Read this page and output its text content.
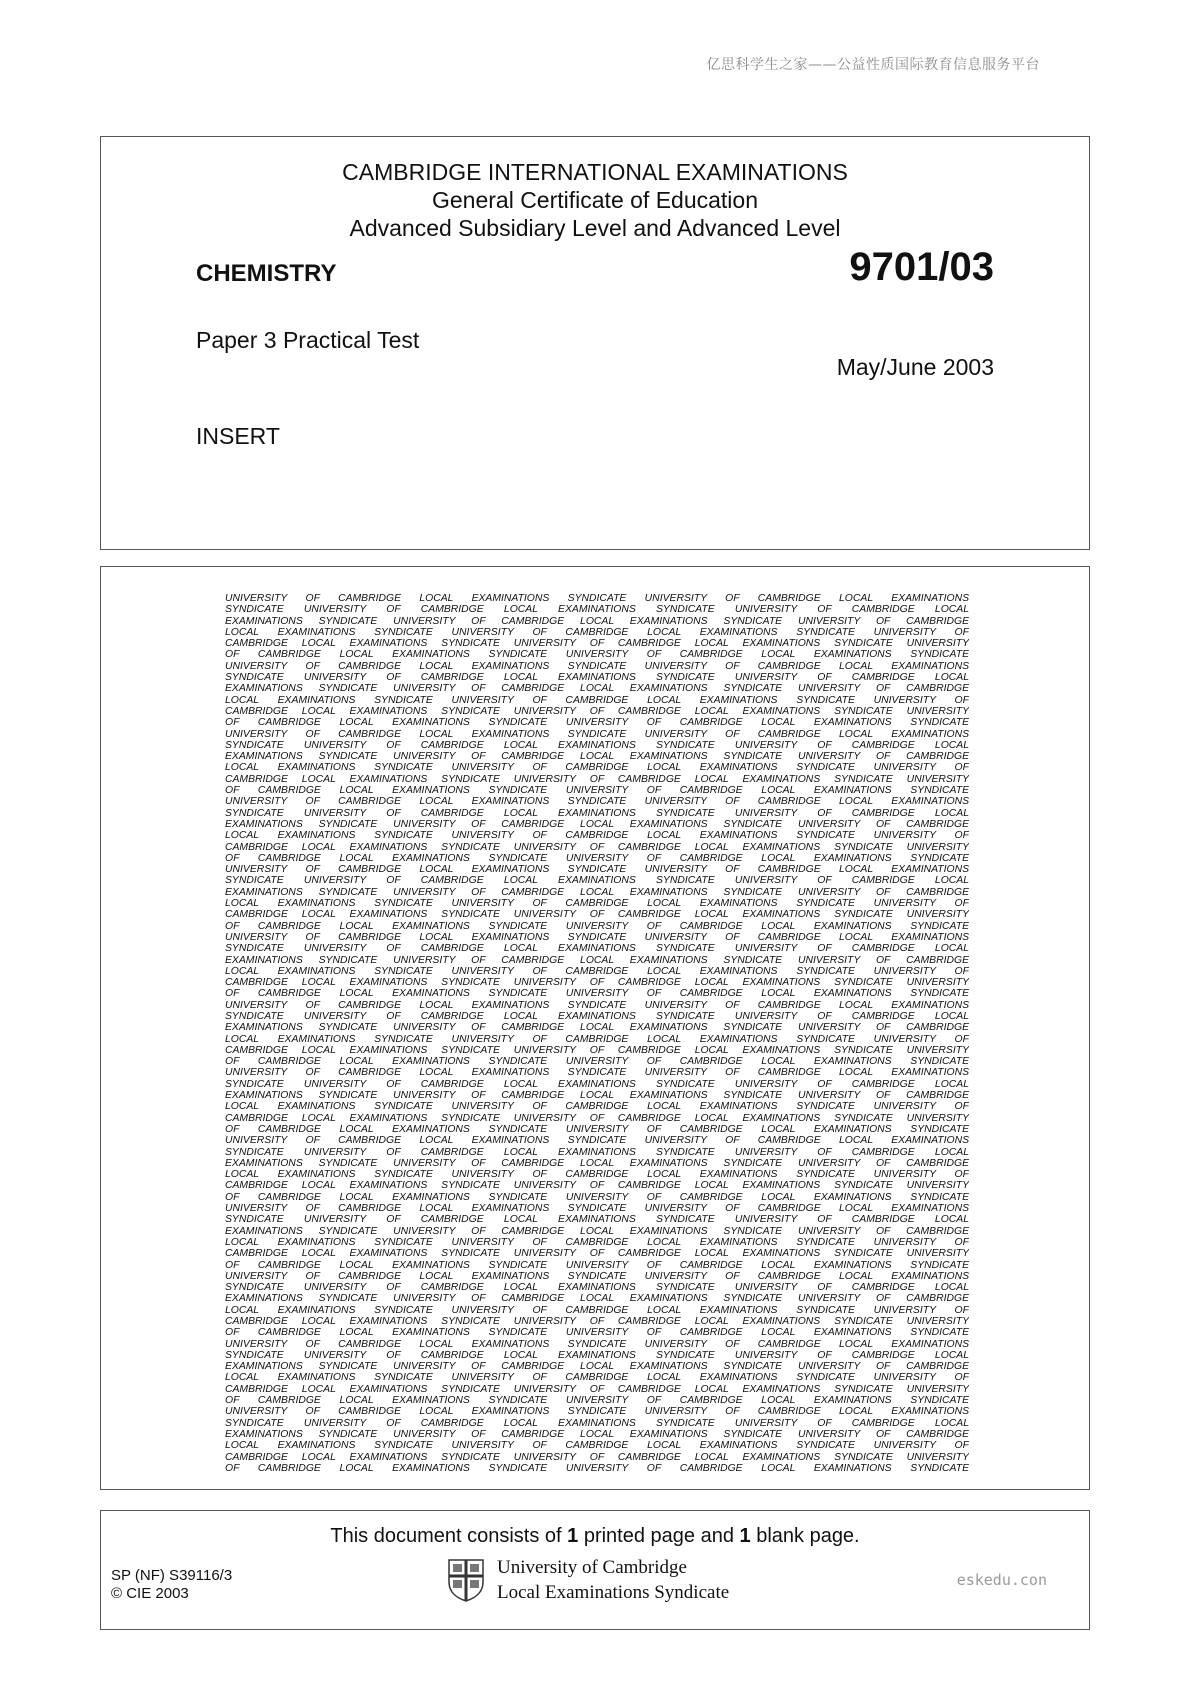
亿思科学生之家——公益性质国际教育信息服务平台
CAMBRIDGE INTERNATIONAL EXAMINATIONS
General Certificate of Education
Advanced Subsidiary Level and Advanced Level
CHEMISTRY	9701/03
Paper 3 Practical Test
May/June 2003
INSERT
UNIVERSITY OF CAMBRIDGE LOCAL EXAMINATIONS SYNDICATE UNIVERSITY OF CAMBRIDGE LOCAL EXAMINATIONS
SYNDICATE UNIVERSITY OF CAMBRIDGE LOCAL EXAMINATIONS SYNDICATE UNIVERSITY OF CAMBRIDGE LOCAL
EXAMINATIONS SYNDICATE UNIVERSITY OF CAMBRIDGE LOCAL EXAMINATIONS SYNDICATE UNIVERSITY OF CAMBRIDGE
LOCAL EXAMINATIONS SYNDICATE UNIVERSITY OF CAMBRIDGE LOCAL EXAMINATIONS SYNDICATE UNIVERSITY OF
CAMBRIDGE LOCAL EXAMINATIONS SYNDICATE UNIVERSITY OF CAMBRIDGE LOCAL EXAMINATIONS SYNDICATE UNIVERSITY
OF CAMBRIDGE LOCAL EXAMINATIONS SYNDICATE UNIVERSITY OF CAMBRIDGE LOCAL EXAMINATIONS SYNDICATE
UNIVERSITY OF CAMBRIDGE LOCAL EXAMINATIONS SYNDICATE UNIVERSITY OF CAMBRIDGE LOCAL EXAMINATIONS
SYNDICATE UNIVERSITY OF CAMBRIDGE LOCAL EXAMINATIONS SYNDICATE UNIVERSITY OF CAMBRIDGE LOCAL
EXAMINATIONS SYNDICATE UNIVERSITY OF CAMBRIDGE LOCAL EXAMINATIONS SYNDICATE UNIVERSITY OF CAMBRIDGE
LOCAL EXAMINATIONS SYNDICATE UNIVERSITY OF CAMBRIDGE LOCAL EXAMINATIONS SYNDICATE UNIVERSITY OF
CAMBRIDGE LOCAL EXAMINATIONS SYNDICATE UNIVERSITY OF CAMBRIDGE LOCAL EXAMINATIONS SYNDICATE UNIVERSITY
OF CAMBRIDGE LOCAL EXAMINATIONS SYNDICATE UNIVERSITY OF CAMBRIDGE LOCAL EXAMINATIONS SYNDICATE
UNIVERSITY OF CAMBRIDGE LOCAL EXAMINATIONS SYNDICATE UNIVERSITY OF CAMBRIDGE LOCAL EXAMINATIONS
SYNDICATE UNIVERSITY OF CAMBRIDGE LOCAL EXAMINATIONS SYNDICATE UNIVERSITY OF CAMBRIDGE LOCAL
EXAMINATIONS SYNDICATE UNIVERSITY OF CAMBRIDGE LOCAL EXAMINATIONS SYNDICATE UNIVERSITY OF CAMBRIDGE
LOCAL EXAMINATIONS SYNDICATE UNIVERSITY OF CAMBRIDGE LOCAL EXAMINATIONS SYNDICATE UNIVERSITY OF
CAMBRIDGE LOCAL EXAMINATIONS SYNDICATE UNIVERSITY OF CAMBRIDGE LOCAL EXAMINATIONS SYNDICATE UNIVERSITY
OF CAMBRIDGE LOCAL EXAMINATIONS SYNDICATE UNIVERSITY OF CAMBRIDGE LOCAL EXAMINATIONS SYNDICATE
UNIVERSITY OF CAMBRIDGE LOCAL EXAMINATIONS SYNDICATE UNIVERSITY OF CAMBRIDGE LOCAL EXAMINATIONS
SYNDICATE UNIVERSITY OF CAMBRIDGE LOCAL EXAMINATIONS SYNDICATE UNIVERSITY OF CAMBRIDGE LOCAL
EXAMINATIONS SYNDICATE UNIVERSITY OF CAMBRIDGE LOCAL EXAMINATIONS SYNDICATE UNIVERSITY OF CAMBRIDGE
LOCAL EXAMINATIONS SYNDICATE UNIVERSITY OF CAMBRIDGE LOCAL EXAMINATIONS SYNDICATE UNIVERSITY OF
CAMBRIDGE LOCAL EXAMINATIONS SYNDICATE UNIVERSITY OF CAMBRIDGE LOCAL EXAMINATIONS SYNDICATE UNIVERSITY
OF CAMBRIDGE LOCAL EXAMINATIONS SYNDICATE UNIVERSITY OF CAMBRIDGE LOCAL EXAMINATIONS SYNDICATE
UNIVERSITY OF CAMBRIDGE LOCAL EXAMINATIONS SYNDICATE UNIVERSITY OF CAMBRIDGE LOCAL EXAMINATIONS
SYNDICATE UNIVERSITY OF CAMBRIDGE LOCAL EXAMINATIONS SYNDICATE UNIVERSITY OF CAMBRIDGE LOCAL
EXAMINATIONS SYNDICATE UNIVERSITY OF CAMBRIDGE LOCAL EXAMINATIONS SYNDICATE UNIVERSITY OF CAMBRIDGE
LOCAL EXAMINATIONS SYNDICATE UNIVERSITY OF CAMBRIDGE LOCAL EXAMINATIONS SYNDICATE UNIVERSITY OF
CAMBRIDGE LOCAL EXAMINATIONS SYNDICATE UNIVERSITY OF CAMBRIDGE LOCAL EXAMINATIONS SYNDICATE UNIVERSITY
OF CAMBRIDGE LOCAL EXAMINATIONS SYNDICATE UNIVERSITY OF CAMBRIDGE LOCAL EXAMINATIONS SYNDICATE
UNIVERSITY OF CAMBRIDGE LOCAL EXAMINATIONS SYNDICATE UNIVERSITY OF CAMBRIDGE LOCAL EXAMINATIONS
SYNDICATE UNIVERSITY OF CAMBRIDGE LOCAL EXAMINATIONS SYNDICATE UNIVERSITY OF CAMBRIDGE LOCAL
EXAMINATIONS SYNDICATE UNIVERSITY OF CAMBRIDGE LOCAL EXAMINATIONS SYNDICATE UNIVERSITY OF CAMBRIDGE
LOCAL EXAMINATIONS SYNDICATE UNIVERSITY OF CAMBRIDGE LOCAL EXAMINATIONS SYNDICATE UNIVERSITY OF
CAMBRIDGE LOCAL EXAMINATIONS SYNDICATE UNIVERSITY OF CAMBRIDGE LOCAL EXAMINATIONS SYNDICATE UNIVERSITY
OF CAMBRIDGE LOCAL EXAMINATIONS SYNDICATE UNIVERSITY OF CAMBRIDGE LOCAL EXAMINATIONS SYNDICATE
UNIVERSITY OF CAMBRIDGE LOCAL EXAMINATIONS SYNDICATE UNIVERSITY OF CAMBRIDGE LOCAL EXAMINATIONS
SYNDICATE UNIVERSITY OF CAMBRIDGE LOCAL EXAMINATIONS SYNDICATE UNIVERSITY OF CAMBRIDGE LOCAL
EXAMINATIONS SYNDICATE UNIVERSITY OF CAMBRIDGE LOCAL EXAMINATIONS SYNDICATE UNIVERSITY OF CAMBRIDGE
LOCAL EXAMINATIONS SYNDICATE UNIVERSITY OF CAMBRIDGE LOCAL EXAMINATIONS SYNDICATE UNIVERSITY OF
CAMBRIDGE LOCAL EXAMINATIONS SYNDICATE UNIVERSITY OF CAMBRIDGE LOCAL EXAMINATIONS SYNDICATE UNIVERSITY
OF CAMBRIDGE LOCAL EXAMINATIONS SYNDICATE UNIVERSITY OF CAMBRIDGE LOCAL EXAMINATIONS SYNDICATE
UNIVERSITY OF CAMBRIDGE LOCAL EXAMINATIONS SYNDICATE UNIVERSITY OF CAMBRIDGE LOCAL EXAMINATIONS
SYNDICATE UNIVERSITY OF CAMBRIDGE LOCAL EXAMINATIONS SYNDICATE UNIVERSITY OF CAMBRIDGE LOCAL
EXAMINATIONS SYNDICATE UNIVERSITY OF CAMBRIDGE LOCAL EXAMINATIONS SYNDICATE UNIVERSITY OF CAMBRIDGE
LOCAL EXAMINATIONS SYNDICATE UNIVERSITY OF CAMBRIDGE LOCAL EXAMINATIONS SYNDICATE UNIVERSITY OF
CAMBRIDGE LOCAL EXAMINATIONS SYNDICATE UNIVERSITY OF CAMBRIDGE LOCAL EXAMINATIONS SYNDICATE UNIVERSITY
OF CAMBRIDGE LOCAL EXAMINATIONS SYNDICATE UNIVERSITY OF CAMBRIDGE LOCAL EXAMINATIONS SYNDICATE
UNIVERSITY OF CAMBRIDGE LOCAL EXAMINATIONS SYNDICATE UNIVERSITY OF CAMBRIDGE LOCAL EXAMINATIONS
SYNDICATE UNIVERSITY OF CAMBRIDGE LOCAL EXAMINATIONS SYNDICATE UNIVERSITY OF CAMBRIDGE LOCAL
EXAMINATIONS SYNDICATE UNIVERSITY OF CAMBRIDGE LOCAL EXAMINATIONS SYNDICATE UNIVERSITY OF CAMBRIDGE
LOCAL EXAMINATIONS SYNDICATE UNIVERSITY OF CAMBRIDGE LOCAL EXAMINATIONS SYNDICATE UNIVERSITY OF
CAMBRIDGE LOCAL EXAMINATIONS SYNDICATE UNIVERSITY OF CAMBRIDGE LOCAL EXAMINATIONS SYNDICATE UNIVERSITY
OF CAMBRIDGE LOCAL EXAMINATIONS SYNDICATE UNIVERSITY OF CAMBRIDGE LOCAL EXAMINATIONS SYNDICATE
UNIVERSITY OF CAMBRIDGE LOCAL EXAMINATIONS SYNDICATE UNIVERSITY OF CAMBRIDGE LOCAL EXAMINATIONS
SYNDICATE UNIVERSITY OF CAMBRIDGE LOCAL EXAMINATIONS SYNDICATE UNIVERSITY OF CAMBRIDGE LOCAL
EXAMINATIONS SYNDICATE UNIVERSITY OF CAMBRIDGE LOCAL EXAMINATIONS SYNDICATE UNIVERSITY OF CAMBRIDGE
LOCAL EXAMINATIONS SYNDICATE UNIVERSITY OF CAMBRIDGE LOCAL EXAMINATIONS SYNDICATE UNIVERSITY OF
CAMBRIDGE LOCAL EXAMINATIONS SYNDICATE UNIVERSITY OF CAMBRIDGE LOCAL EXAMINATIONS SYNDICATE UNIVERSITY
OF CAMBRIDGE LOCAL EXAMINATIONS SYNDICATE UNIVERSITY OF CAMBRIDGE LOCAL EXAMINATIONS SYNDICATE
UNIVERSITY OF CAMBRIDGE LOCAL EXAMINATIONS SYNDICATE UNIVERSITY OF CAMBRIDGE LOCAL EXAMINATIONS
SYNDICATE UNIVERSITY OF CAMBRIDGE LOCAL EXAMINATIONS SYNDICATE UNIVERSITY OF CAMBRIDGE LOCAL
EXAMINATIONS SYNDICATE UNIVERSITY OF CAMBRIDGE LOCAL EXAMINATIONS SYNDICATE UNIVERSITY OF CAMBRIDGE
LOCAL EXAMINATIONS SYNDICATE UNIVERSITY OF CAMBRIDGE LOCAL EXAMINATIONS SYNDICATE UNIVERSITY OF
CAMBRIDGE LOCAL EXAMINATIONS SYNDICATE UNIVERSITY OF CAMBRIDGE LOCAL EXAMINATIONS SYNDICATE UNIVERSITY
OF CAMBRIDGE LOCAL EXAMINATIONS SYNDICATE UNIVERSITY OF CAMBRIDGE LOCAL EXAMINATIONS SYNDICATE
UNIVERSITY OF CAMBRIDGE LOCAL EXAMINATIONS SYNDICATE UNIVERSITY OF CAMBRIDGE LOCAL EXAMINATIONS
SYNDICATE UNIVERSITY OF CAMBRIDGE LOCAL EXAMINATIONS SYNDICATE UNIVERSITY OF CAMBRIDGE LOCAL
EXAMINATIONS SYNDICATE UNIVERSITY OF CAMBRIDGE LOCAL EXAMINATIONS SYNDICATE UNIVERSITY OF CAMBRIDGE
LOCAL EXAMINATIONS SYNDICATE UNIVERSITY OF CAMBRIDGE LOCAL EXAMINATIONS SYNDICATE UNIVERSITY OF
CAMBRIDGE LOCAL EXAMINATIONS SYNDICATE UNIVERSITY OF CAMBRIDGE LOCAL EXAMINATIONS SYNDICATE UNIVERSITY
OF CAMBRIDGE LOCAL EXAMINATIONS SYNDICATE UNIVERSITY OF CAMBRIDGE LOCAL EXAMINATIONS SYNDICATE
UNIVERSITY OF CAMBRIDGE LOCAL EXAMINATIONS SYNDICATE UNIVERSITY OF CAMBRIDGE LOCAL EXAMINATIONS
SYNDICATE UNIVERSITY OF CAMBRIDGE LOCAL EXAMINATIONS SYNDICATE UNIVERSITY OF CAMBRIDGE LOCAL
EXAMINATIONS SYNDICATE UNIVERSITY OF CAMBRIDGE LOCAL EXAMINATIONS SYNDICATE UNIVERSITY OF CAMBRIDGE
LOCAL EXAMINATIONS SYNDICATE UNIVERSITY OF CAMBRIDGE LOCAL EXAMINATIONS SYNDICATE UNIVERSITY OF
CAMBRIDGE LOCAL EXAMINATIONS SYNDICATE UNIVERSITY OF CAMBRIDGE LOCAL EXAMINATIONS SYNDICATE UNIVERSITY
OF CAMBRIDGE LOCAL EXAMINATIONS SYNDICATE UNIVERSITY OF CAMBRIDGE LOCAL EXAMINATIONS SYNDICATE
This document consists of 1 printed page and 1 blank page.
SP (NF) S39116/3
© CIE 2003
University of Cambridge
Local Examinations Syndicate
eskedu.con
